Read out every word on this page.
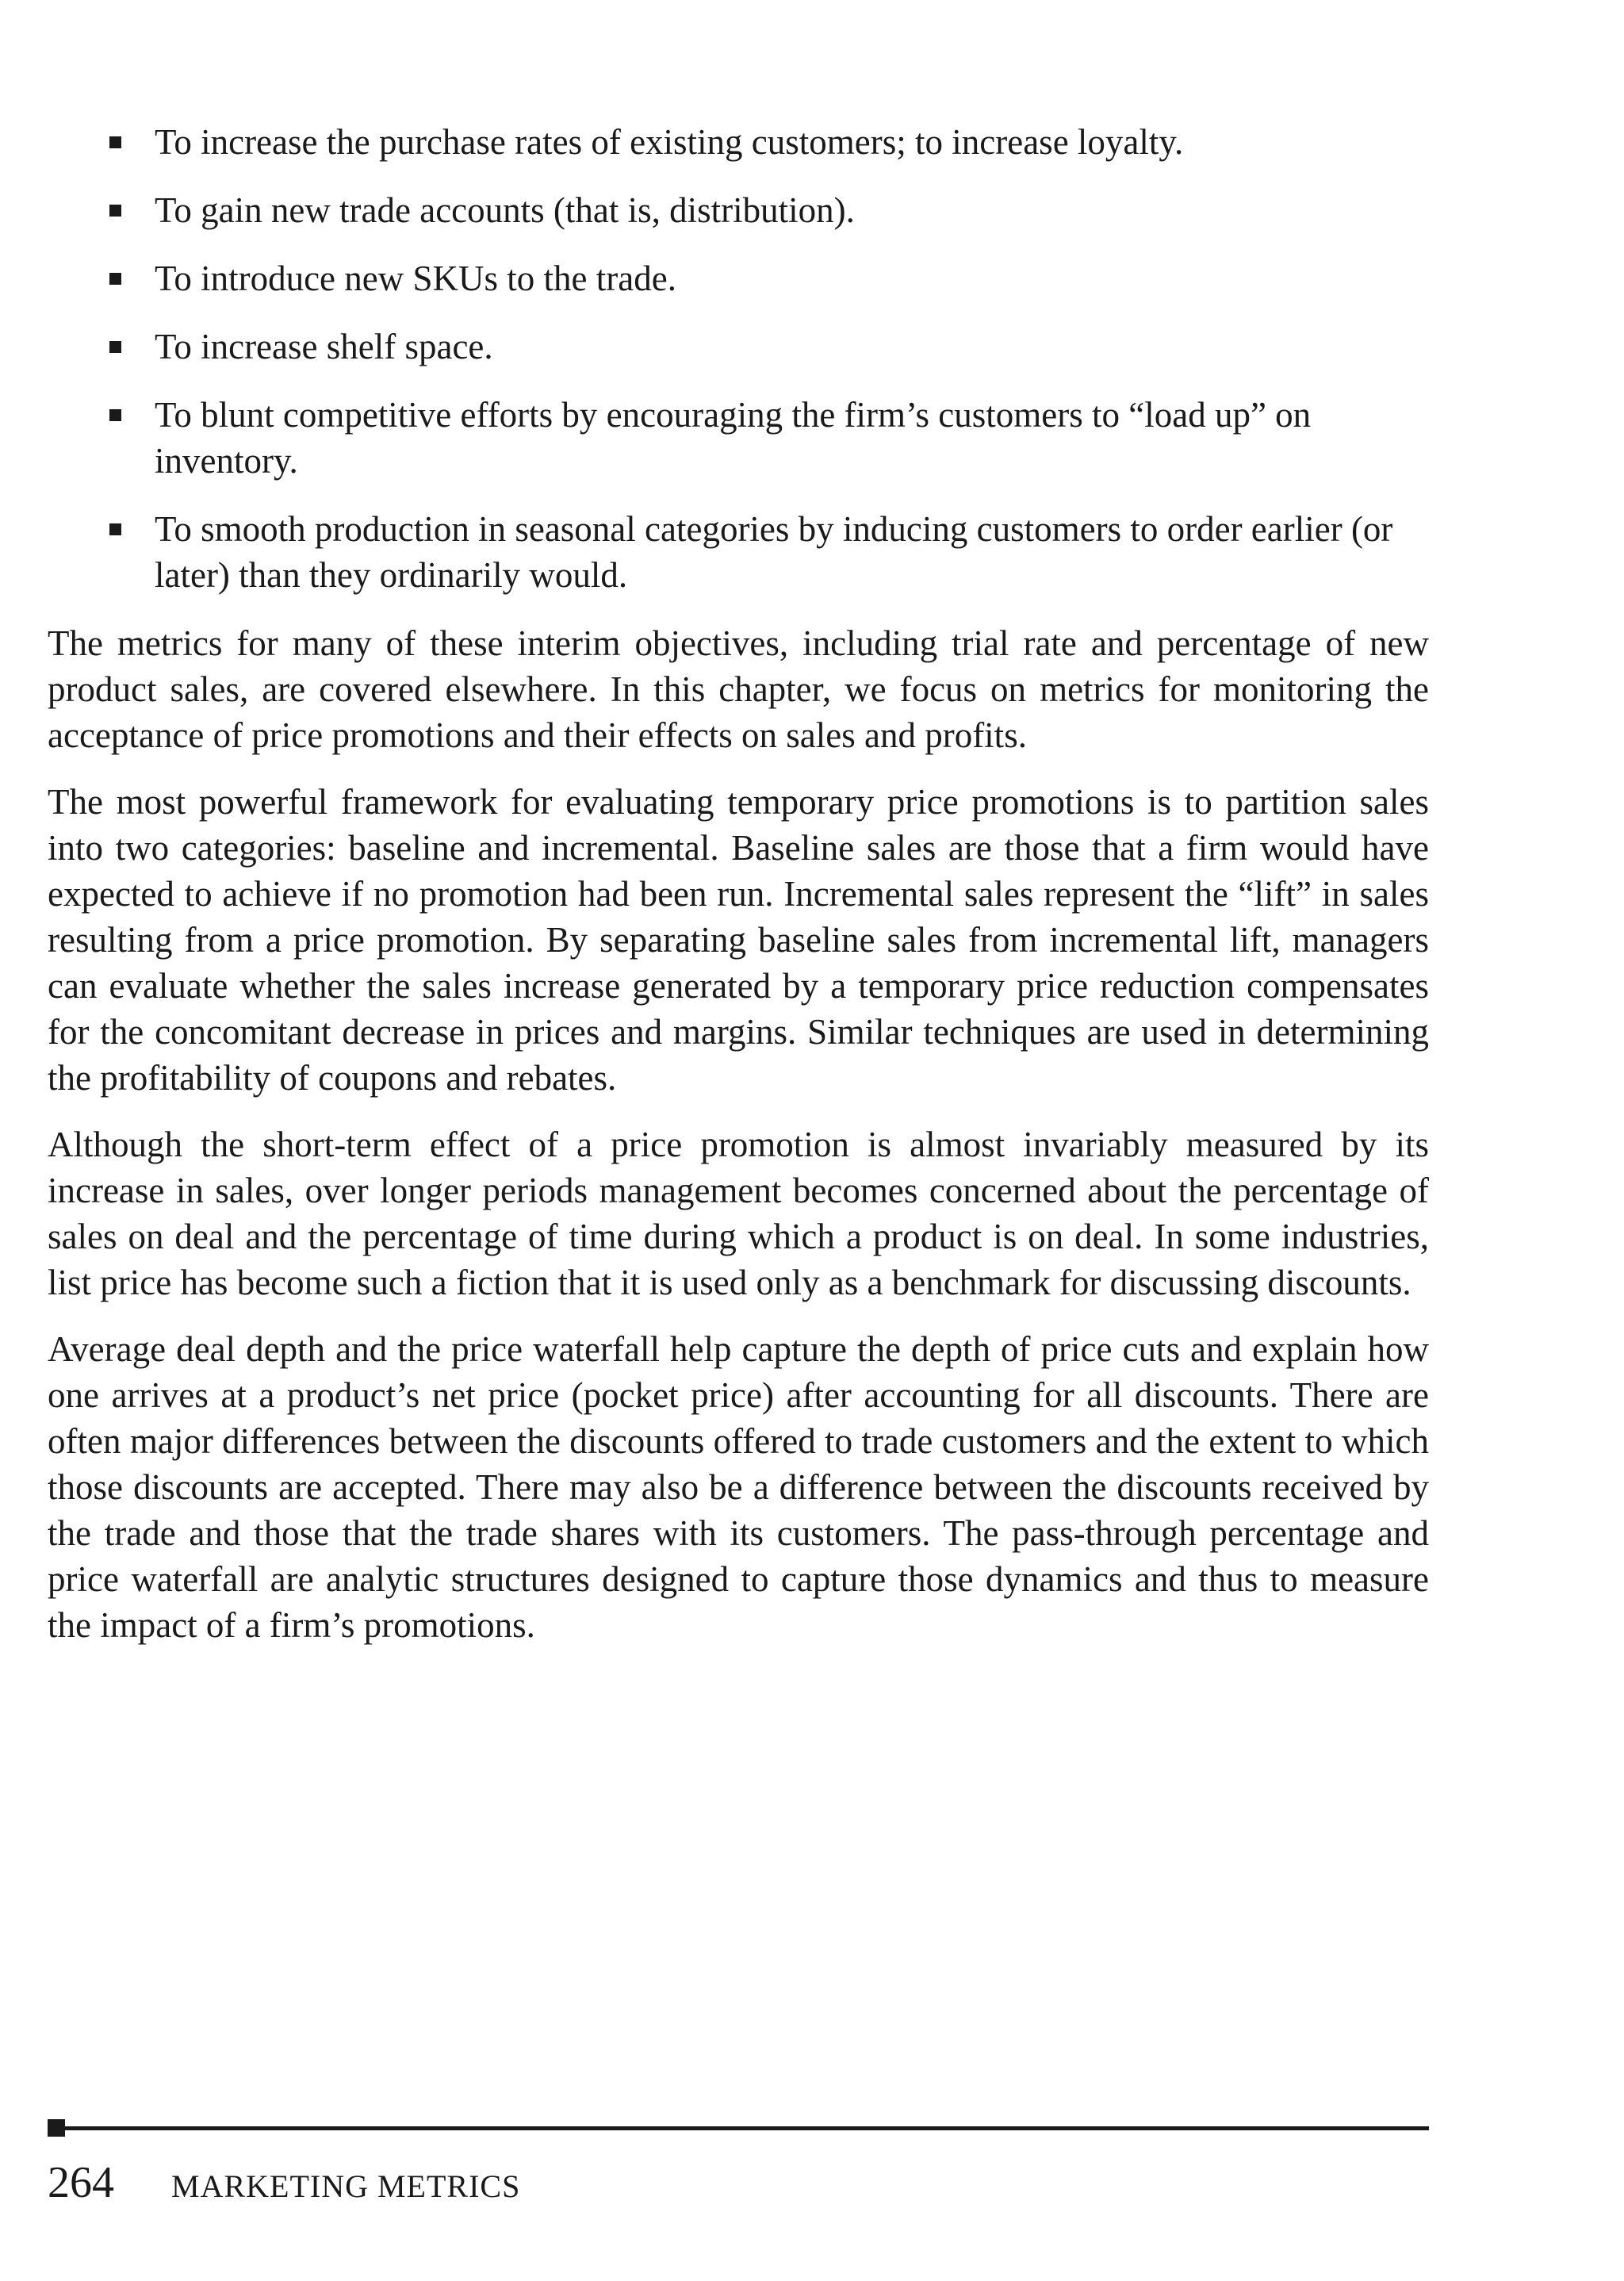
To increase the purchase rates of existing customers; to increase loyalty.
To gain new trade accounts (that is, distribution).
To introduce new SKUs to the trade.
To increase shelf space.
To blunt competitive efforts by encouraging the firm’s customers to “load up” on inventory.
To smooth production in seasonal categories by inducing customers to order earlier (or later) than they ordinarily would.

The metrics for many of these interim objectives, including trial rate and percentage of new product sales, are covered elsewhere. In this chapter, we focus on metrics for monitoring the acceptance of price promotions and their effects on sales and profits.

The most powerful framework for evaluating temporary price promotions is to partition sales into two categories: baseline and incremental. Baseline sales are those that a firm would have expected to achieve if no promotion had been run. Incremental sales represent the “lift” in sales resulting from a price promotion. By separating baseline sales from incremental lift, managers can evaluate whether the sales increase generated by a temporary price reduction compensates for the concomitant decrease in prices and margins. Similar techniques are used in determining the profitability of coupons and rebates.

Although the short-term effect of a price promotion is almost invariably measured by its increase in sales, over longer periods management becomes concerned about the percentage of sales on deal and the percentage of time during which a product is on deal. In some industries, list price has become such a fiction that it is used only as a benchmark for discussing discounts.

Average deal depth and the price waterfall help capture the depth of price cuts and explain how one arrives at a product’s net price (pocket price) after accounting for all discounts. There are often major differences between the discounts offered to trade customers and the extent to which those discounts are accepted. There may also be a difference between the discounts received by the trade and those that the trade shares with its customers. The pass-through percentage and price waterfall are analytic structures designed to capture those dynamics and thus to measure the impact of a firm’s promotions.

264 MARKETING METRICS
